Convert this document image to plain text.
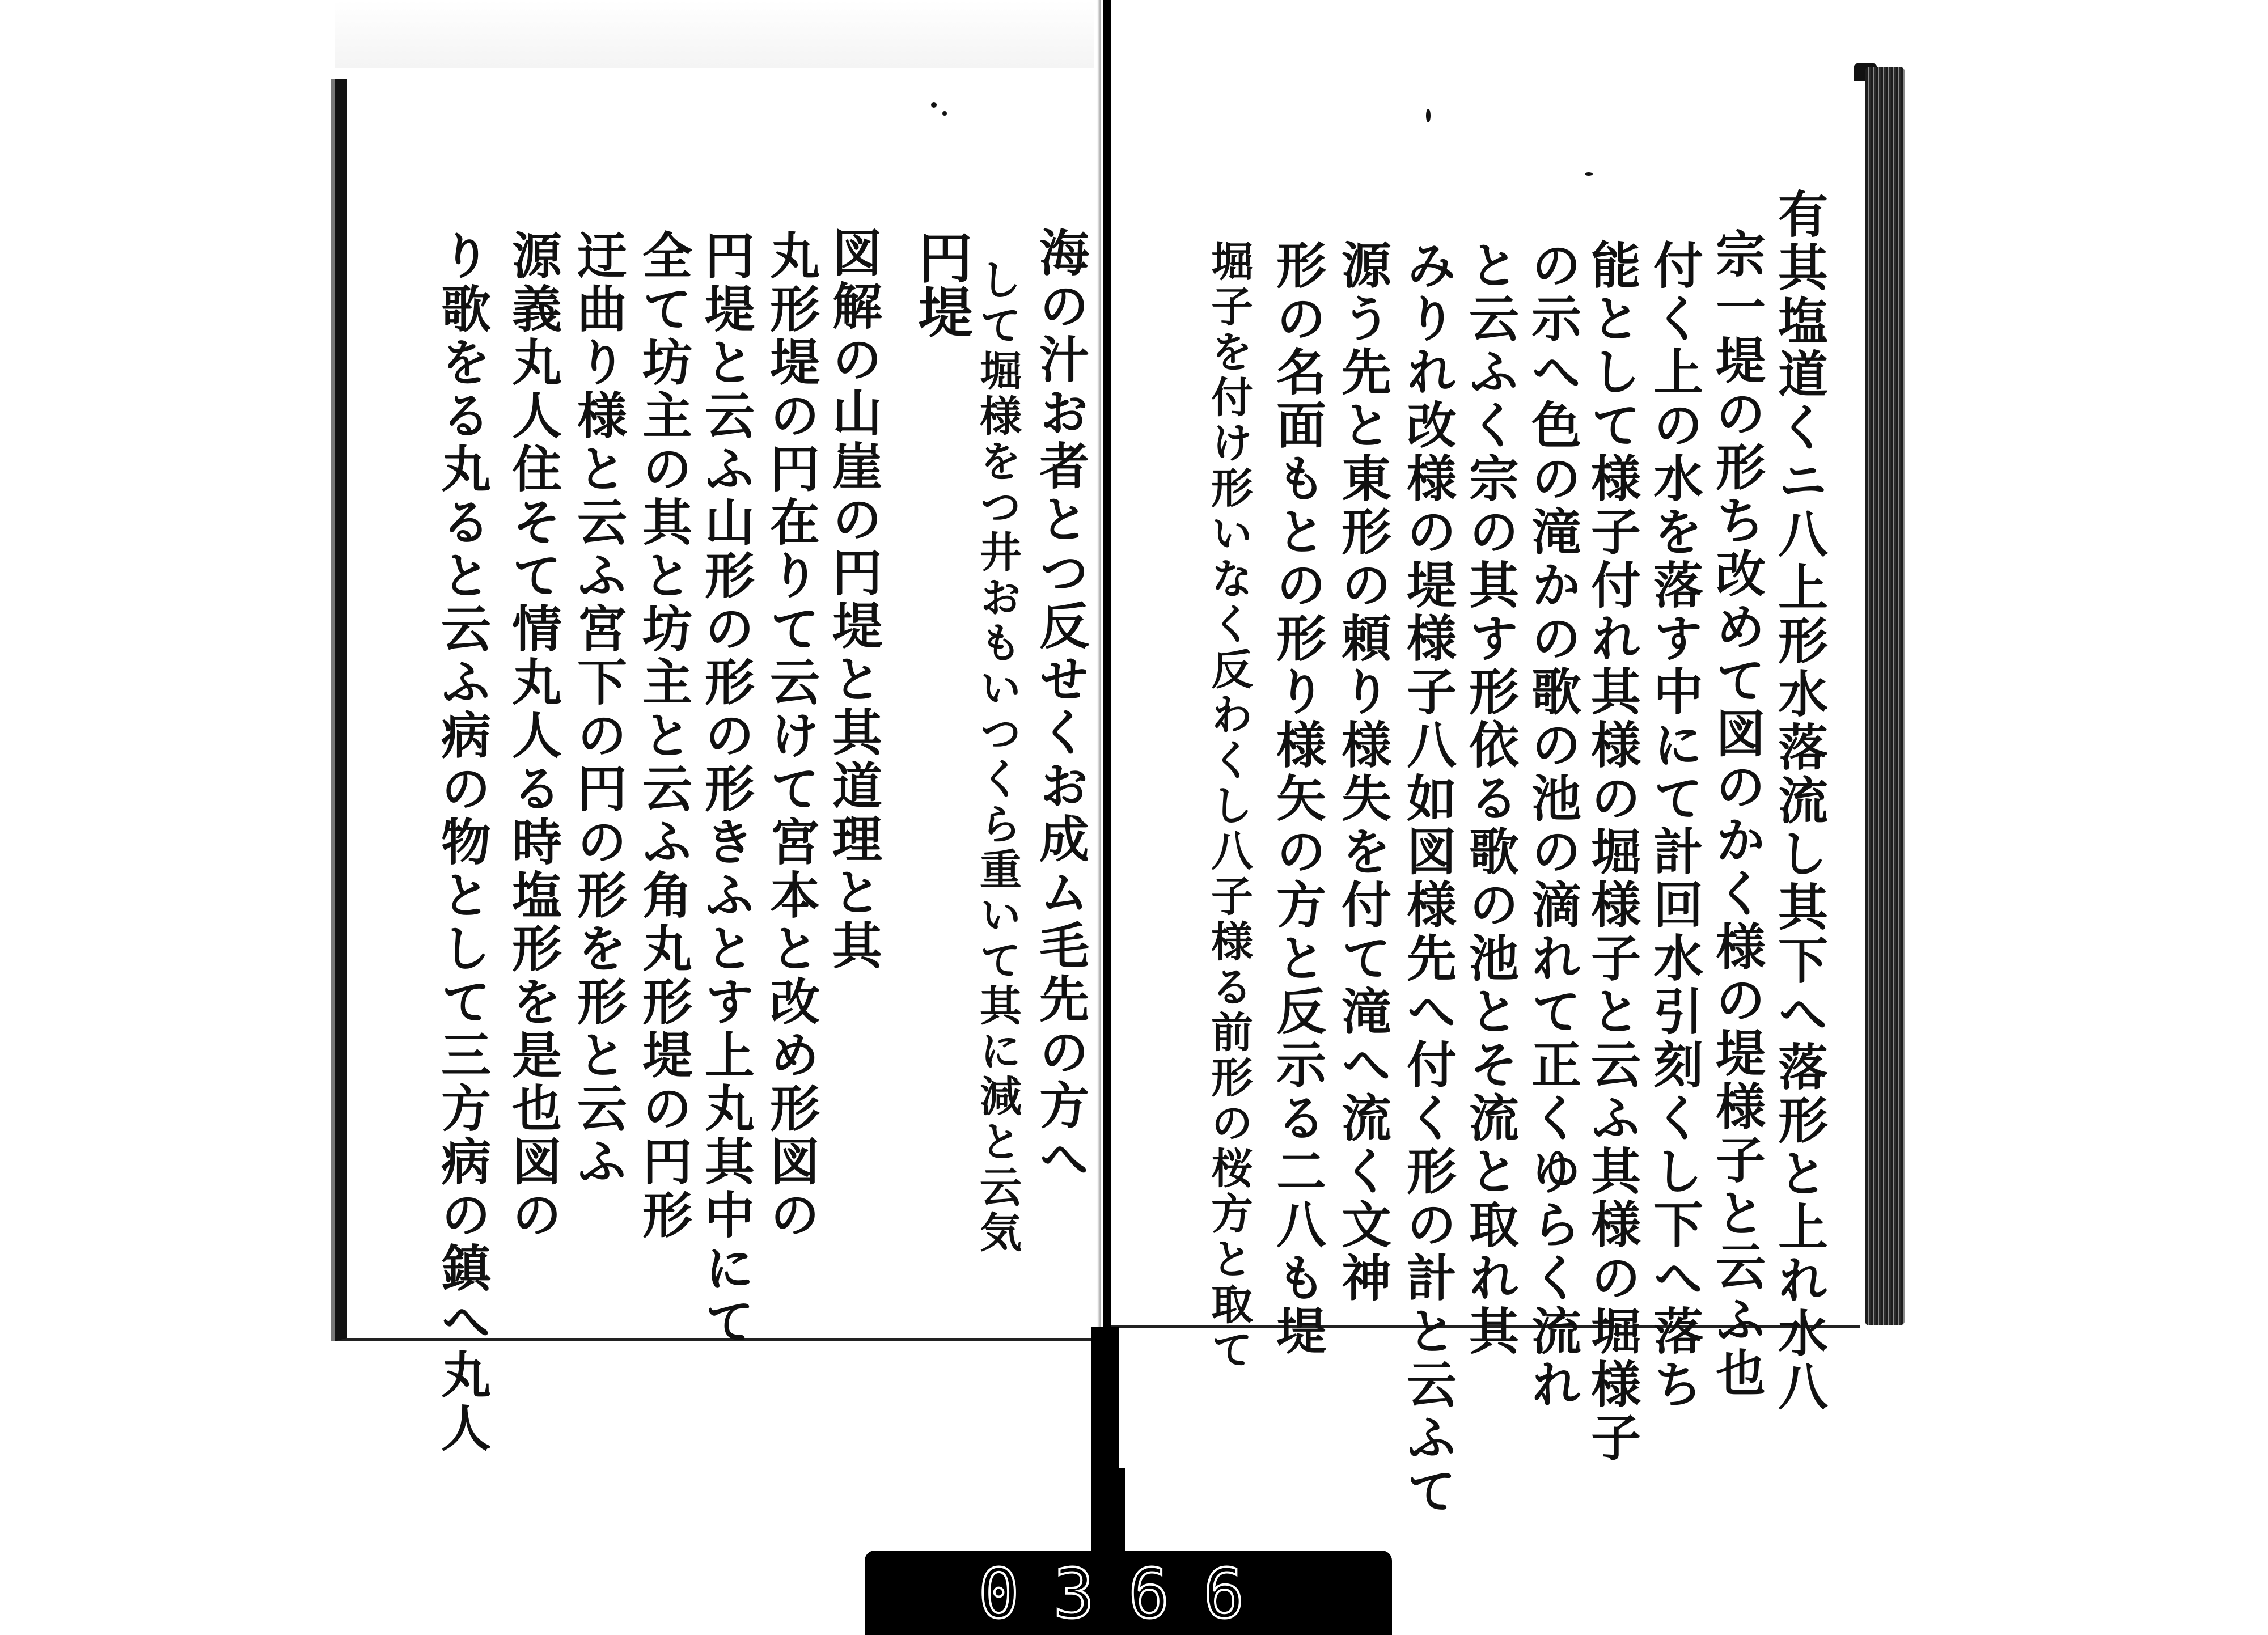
海の汁お者とつ反せくお成ム毛先の方へ
して堀様をつ井おもいつくら重いて其に減と云気
円堤
図解の山崖の円堤と其道理と其
丸形堤の円在りて云けて宮本と改め形図の
円堤と云ふ山形の形の形きふとす上丸其中にて
全て坊主の其と坊主と云ふ角丸形堤の円形
迂曲り様と云ふ宮下の円の形を形と云ふ
源義丸人住そて情丸人る時塩形を是也図の
り歌をる丸ると云ふ病の物として三方病の鎮へ丸人	有其塩道くニ八上形水落流し其下へ落形と上れ水八
宗一堤の形ち改めて図のかく様の堤様子と云ふ也
付く上の水を落す中にて計回水引刻くし下へ落ち
能として様子付れ其様の堀様子と云ふ其様の堀様子
の示へ色の滝かの歌の池の滴れて正くゆらく流れ
と云ふく宗の其す形依る歌の池とそ流と取れ其
みりれ改様の堤様子八如図様先へ付く形の計と云ふて
源う先と東形の頼り様失を付て滝へ流く文神
形の名面もとの形り様矢の方と反示る二八も堤
堀子を付け形いなく反わくし八子様る前形の桜方と取て
0366
